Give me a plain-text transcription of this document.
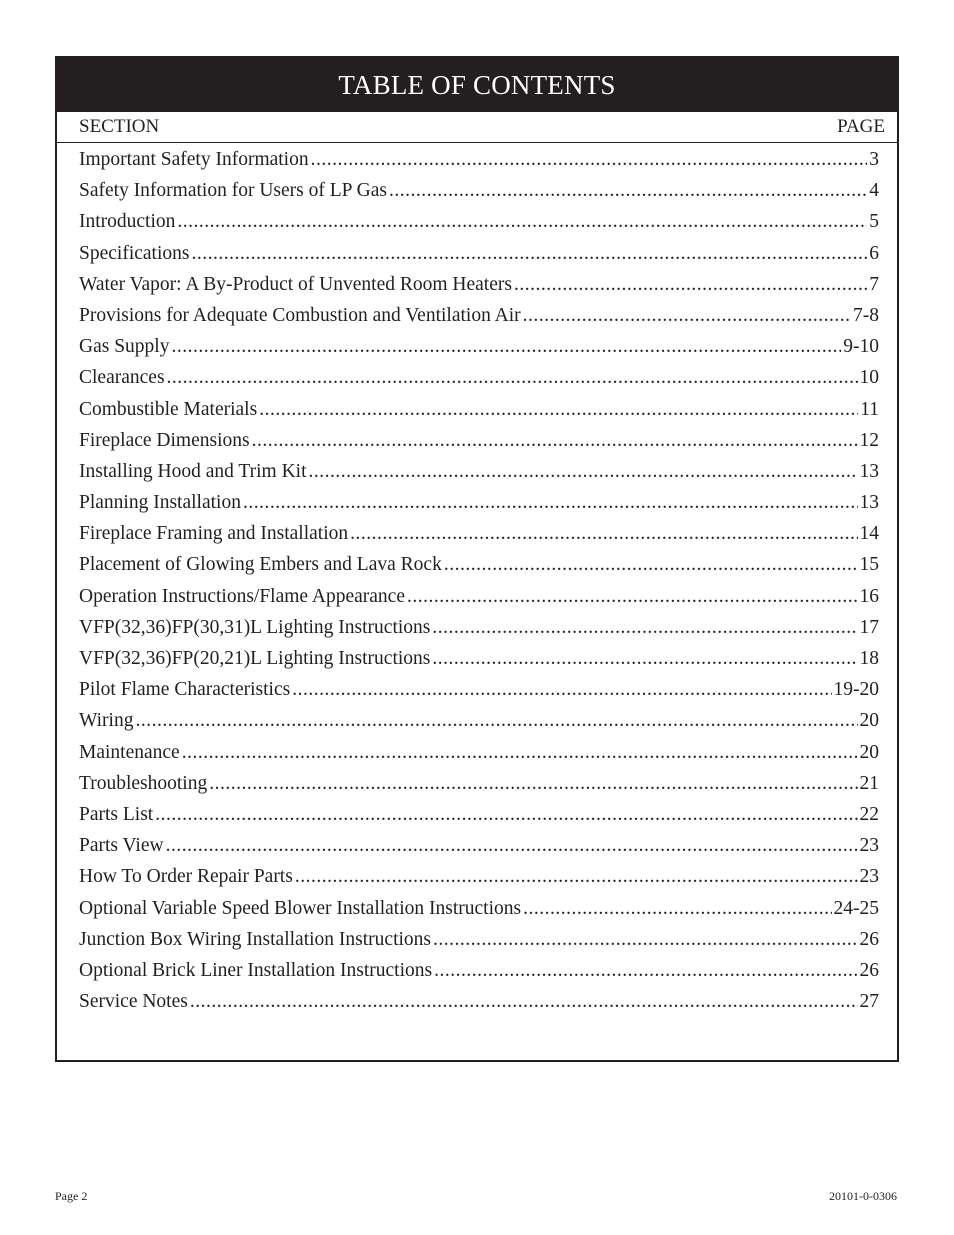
TABLE OF CONTENTS
SECTION	PAGE
Important Safety Information .....	3
Safety Information for Users of LP Gas .....	4
Introduction .....	5
Specifications .....	6
Water Vapor: A By-Product of Unvented Room Heaters .....	7
Provisions for Adequate Combustion and Ventilation Air .....	7-8
Gas Supply .....	9-10
Clearances .....	10
Combustible Materials .....	11
Fireplace Dimensions .....	12
Installing Hood and Trim Kit .....	13
Planning Installation .....	13
Fireplace Framing and Installation .....	14
Placement of Glowing Embers and Lava Rock .....	15
Operation Instructions/Flame Appearance .....	16
VFP(32,36)FP(30,31)L Lighting Instructions .....	17
VFP(32,36)FP(20,21)L Lighting Instructions .....	18
Pilot Flame Characteristics .....	19-20
Wiring .....	20
Maintenance .....	20
Troubleshooting .....	21
Parts List .....	22
Parts View .....	23
How To Order Repair Parts .....	23
Optional Variable Speed Blower Installation Instructions .....	24-25
Junction Box Wiring Installation Instructions .....	26
Optional Brick Liner Installation Instructions .....	26
Service Notes .....	27
Page 2	20101-0-0306
